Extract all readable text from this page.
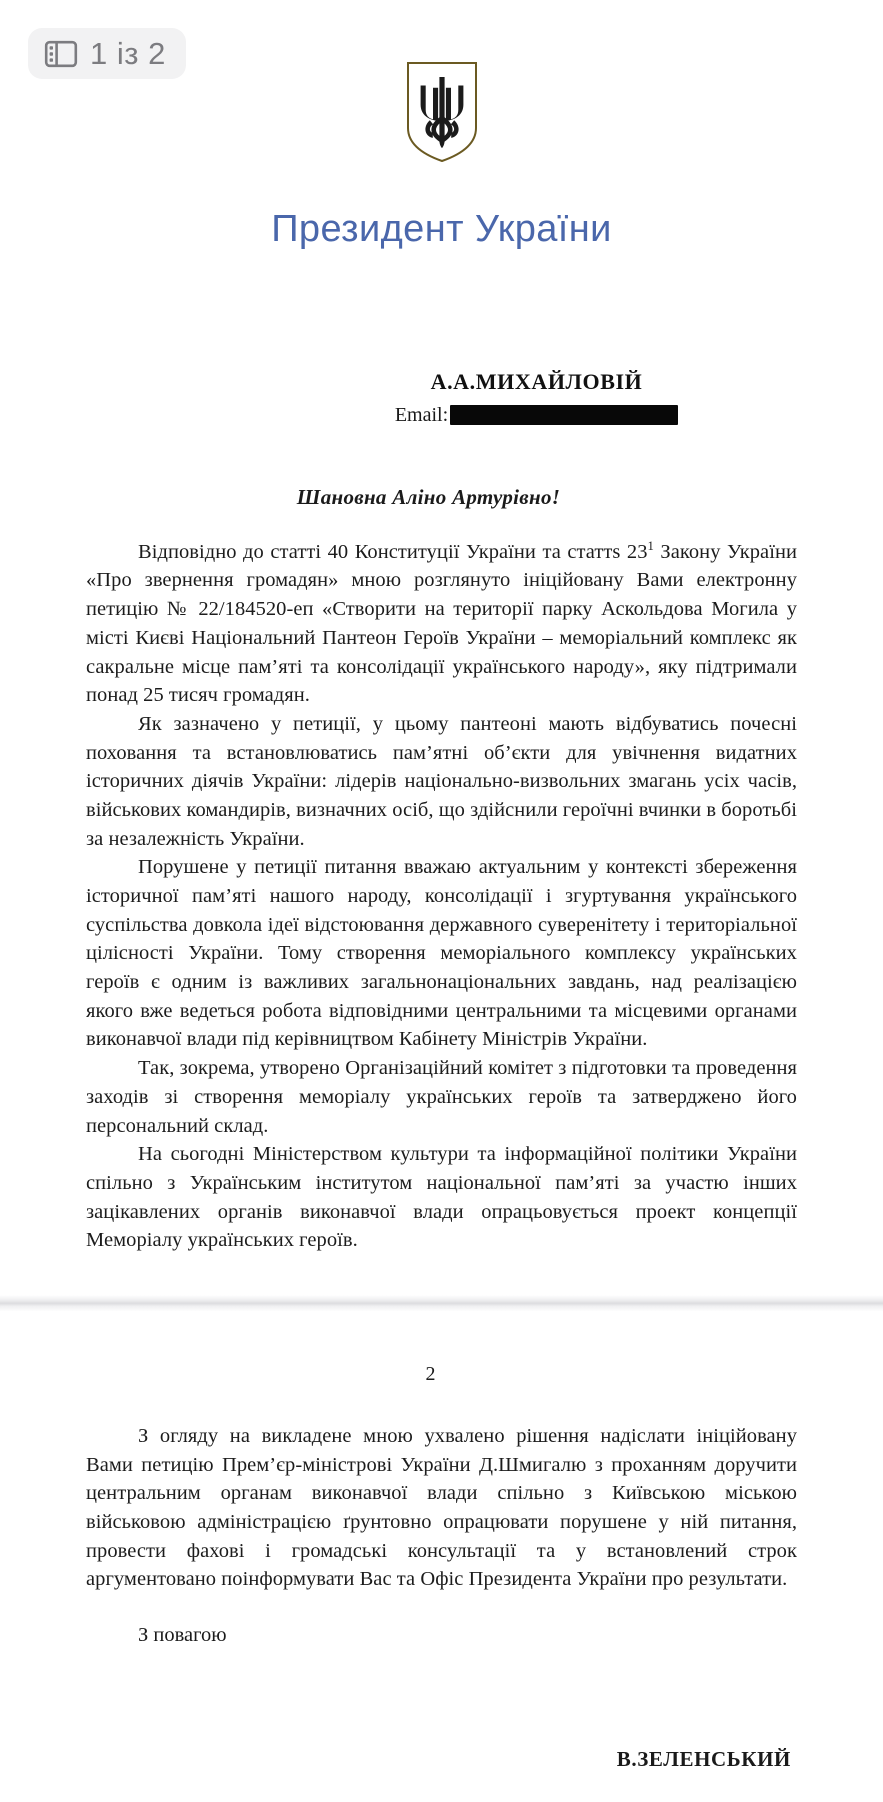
1 із 2
Президент України
А.А.МИХАЙЛОВІЙ
Email:
Шановна Аліно Артурівно!

Відповідно до статті 40 Конституції України та статтs $23^1$ Закону України «Про звернення громадян» мною розглянуто ініційовану Вами електронну петицію № 22/184520-еп «Створити на території парку Аскольдова Могила у місті Києві Національний Пантеон Героїв України – меморіальний комплекс як сакральне місце пам’яті та консолідації українського народу», яку підтримали понад 25 тисяч громадян.

Як зазначено у петиції, у цьому пантеоні мають відбуватись почесні поховання та встановлюватись пам’ятні об’єкти для увічнення видатних історичних діячів України: лідерів національно-визвольних змагань усіх часів, військових командирів, визначних осіб, що здійснили героїчні вчинки в боротьбі за незалежність України.

Порушене у петиції питання вважаю актуальним у контексті збереження історичної пам’яті нашого народу, консолідації і згуртування українського суспільства довкола ідеї відстоювання державного суверенітету і територіальної цілісності України. Тому створення меморіального комплексу українських героїв є одним із важливих загальнонаціональних завдань, над реалізацією якого вже ведеться робота відповідними центральними та місцевими органами виконавчої влади під керівництвом Кабінету Міністрів України.

Так, зокрема, утворено Організаційний комітет з підготовки та проведення заходів зі створення меморіалу українських героїв та затверджено його персональний склад.

На сьогодні Міністерством культури та інформаційної політики України спільно з Українським інститутом національної пам’яті за участю інших зацікавлених органів виконавчої влади опрацьовується проект концепції Меморіалу українських героїв.

2

З огляду на викладене мною ухвалено рішення надіслати ініційовану Вами петицію Прем’єр-міністрові України Д.Шмигалю з проханням доручити центральним органам виконавчої влади спільно з Київською міською військовою адміністрацією ґрунтовно опрацювати порушене у ній питання, провести фахові і громадські консультації та у встановлений строк аргументовано поінформувати Вас та Офіс Президента України про результати.

З повагою
В.ЗЕЛЕНСЬКИЙ
